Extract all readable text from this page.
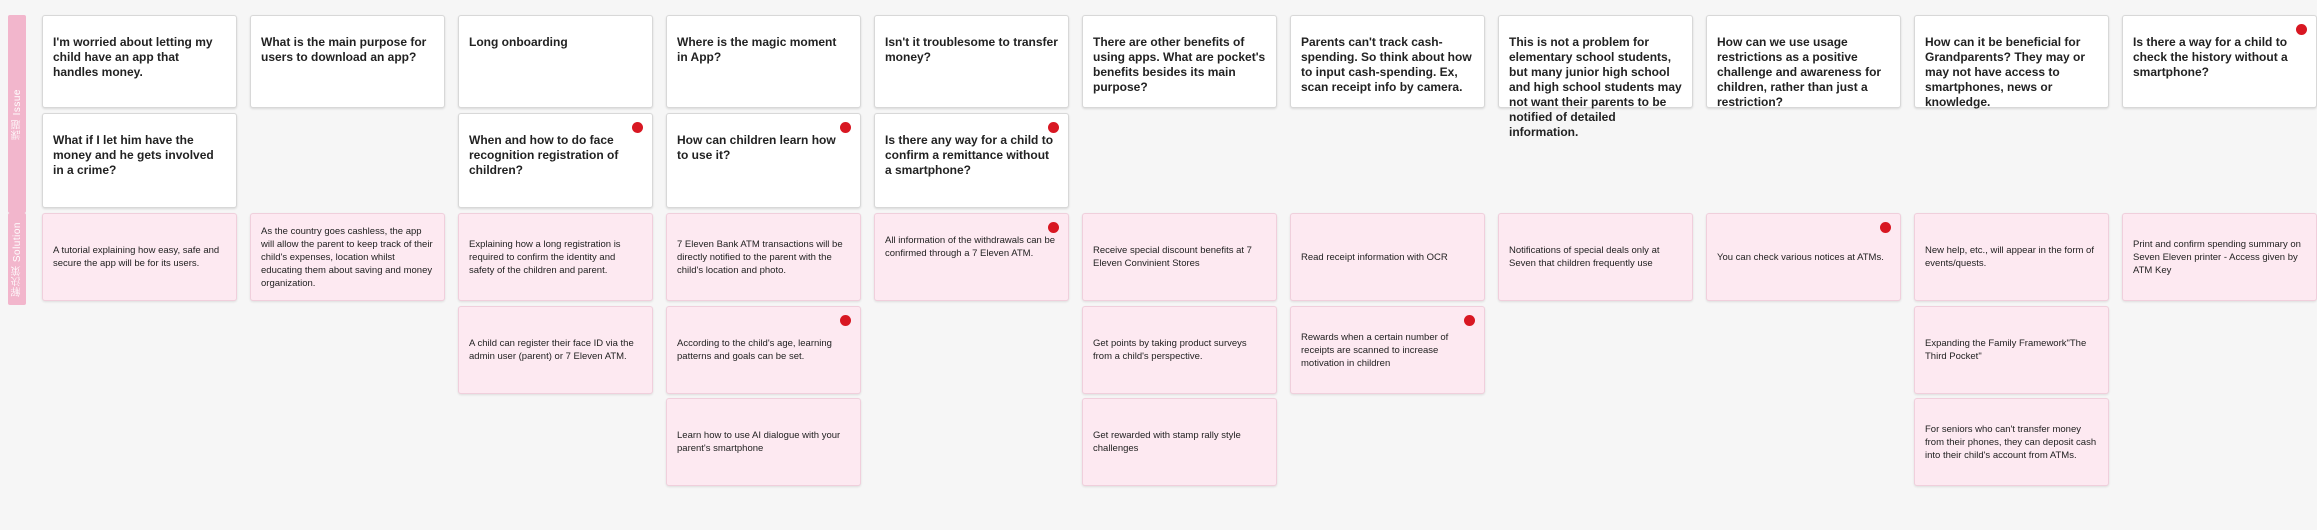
課題 Issue
解決策 Solution
I'm worried about letting my child have an app that handles money.
What if I let him have the money and he gets involved in a crime?
A tutorial explaining how easy, safe and secure the app will be for its users.
What is the main purpose for users to download an app?
As the country goes cashless, the app will allow the parent to keep track of their child's expenses, location whilst educating them about saving and money organization.
Long onboarding
When and how to do face recognition registration of children?
Explaining how a long registration is required to confirm the identity and safety of the children and parent.
A child can register their face ID via the admin user (parent) or 7 Eleven ATM.
Where is the magic moment in App?
How can children learn how to use it?
7 Eleven Bank ATM transactions will be directly notified to the parent with the child's location and photo.
According to the child's age, learning patterns and goals can be set.
Learn how to use AI dialogue with your parent's smartphone
Isn't it troublesome to transfer money?
Is there any way for a child to confirm a remittance without a smartphone?
All information of the withdrawals can be confirmed through a 7 Eleven ATM.
There are other benefits of using apps. What are pocket's benefits besides its main purpose?
Receive special discount benefits at 7 Eleven Convinient Stores
Get points by taking product surveys from a child's perspective.
Get rewarded with stamp rally style challenges
Parents can't track cash-spending. So think about how to input cash-spending. Ex, scan receipt info by camera.
Read receipt information with OCR
Rewards when a certain number of receipts are scanned to increase motivation in children
This is not a problem for elementary school students, but many junior high school and high school students may not want their parents to be notified of detailed information.
Notifications of special deals only at Seven that children frequently use
How can we use usage restrictions as a positive challenge and awareness for children, rather than just a restriction?
You can check various notices at ATMs.
How can it be beneficial for Grandparents? They may or may not have access to smartphones, news or knowledge.
New help, etc., will appear in the form of events/quests.
Expanding the Family Framework"The Third Pocket"
For seniors who can't transfer money from their phones, they can deposit cash into their child's account from ATMs.
Is there a way for a child to check the history without a smartphone?
Print and confirm spending summary on Seven Eleven printer - Access given by ATM Key
